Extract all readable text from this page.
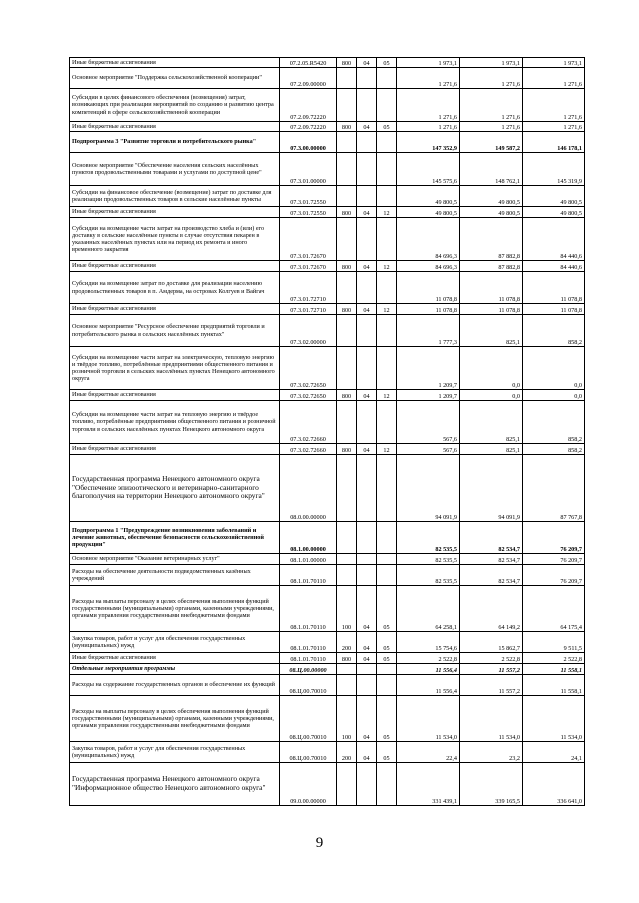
Иные бюджетные ассигнования	07.2.05.R5420	800	04	05	1 973,1	1 973,1	1 973,1
Основное мероприятие "Поддержка сельскохозяйственной кооперации"	07.2.09.00000				1 271,6	1 271,6	1 271,6
Субсидии в целях финансового обеспечения (возмещения) затрат, возникающих при реализации мероприятий по созданию и развитию центра компетенций в сфере сельскохозяйственной кооперации	07.2.09.72220				1 271,6	1 271,6	1 271,6
Иные бюджетные ассигнования	07.2.09.72220	800	04	05	1 271,6	1 271,6	1 271,6
Подпрограмма 3 "Развитие торговли и потребительского рынка"	07.3.00.00000				147 352,9	149 587,2	146 178,1
Основное мероприятие "Обеспечение населения сельских населённых пунктов продовольственными товарами и услугами по доступной цене"	07.3.01.00000				145 575,6	148 762,1	145 319,9
Субсидии на финансовое обеспечение (возмещение) затрат по доставке для реализации продовольственных товаров в сельские населённые пункты	07.3.01.72550				49 800,5	49 800,5	49 800,5
Иные бюджетные ассигнования	07.3.01.72550	800	04	12	49 800,5	49 800,5	49 800,5
Субсидии на возмещение части затрат на производство хлеба и (или) его доставку в сельские населённые пункты в случае отсутствия пекарен в указанных населённых пунктах или на период их ремонта и иного временного закрытия	07.3.01.72670				84 696,3	87 882,8	84 440,6
Иные бюджетные ассигнования	07.3.01.72670	800	04	12	84 696,3	87 882,8	84 440,6
Субсидии на возмещение затрат по доставке для реализации населению продовольственных товаров в п. Амдерма, на островах Колгуев и Вайгач	07.3.01.72710				11 078,8	11 078,8	11 078,8
Иные бюджетные ассигнования	07.3.01.72710	800	04	12	11 078,8	11 078,8	11 078,8
Основное мероприятие "Ресурсное обеспечение предприятий торговли и потребительского рынка в сельских населённых пунктах"	07.3.02.00000				1 777,3	825,1	858,2
Субсидии на возмещение части затрат на электрическую, тепловую энергию и твёрдое топливо, потреблённые предприятиями общественного питания и розничной торговли в сельских населённых пунктах Ненецкого автономного округа	07.3.02.72650				1 209,7	0,0	0,0
Иные бюджетные ассигнования	07.3.02.72650	800	04	12	1 209,7	0,0	0,0
Субсидии на возмещение части затрат на тепловую энергию и твёрдое топливо, потреблённые предприятиями общественного питания и розничной торговли в сельских населённых пунктах Ненецкого автономного округа	07.3.02.72660				567,6	825,1	858,2
Иные бюджетные ассигнования	07.3.02.72660	800	04	12	567,6	825,1	858,2
Государственная программа Ненецкого автономного округа "Обеспечение эпизоотического и ветеринарно-санитарного благополучия на территории Ненецкого автономного округа"	08.0.00.00000				94 091,9	94 091,9	87 767,8
Подпрограмма 1 "Предупреждение возникновения заболеваний и лечение животных, обеспечение безопасности сельскохозяйственной продукции"	08.1.00.00000				82 535,5	82 534,7	76 209,7
Основное мероприятие "Оказание ветеринарных услуг"	08.1.01.00000				82 535,5	82 534,7	76 209,7
Расходы на обеспечение деятельности подведомственных казённых учреждений	08.1.01.70110				82 535,5	82 534,7	76 209,7
Расходы на выплаты персоналу в целях обеспечения выполнения функций государственными (муниципальными) органами, казенными учреждениями, органами управления государственными внебюджетными фондами	08.1.01.70110	100	04	05	64 258,1	64 149,2	64 175,4
Закупка товаров, работ и услуг для обеспечения государственных (муниципальных) нужд	08.1.01.70110	200	04	05	15 754,6	15 862,7	9 511,5
Иные бюджетные ассигнования	08.1.01.70110	800	04	05	2 522,8	2 522,8	2 522,8
Отдельные мероприятия программы	08.Ц.00.00000				11 556,4	11 557,2	11 558,1
Расходы на содержание государственных органов и обеспечение их функций	08.Ц.00.70010				11 556,4	11 557,2	11 558,1
Расходы на выплаты персоналу в целях обеспечения выполнения функций государственными (муниципальными) органами, казенными учреждениями, органами управления государственными внебюджетными фондами	08.Ц.00.70010	100	04	05	11 534,0	11 534,0	11 534,0
Закупка товаров, работ и услуг для обеспечения государственных (муниципальных) нужд	08.Ц.00.70010	200	04	05	22,4	23,2	24,1
Государственная программа Ненецкого автономного округа "Информационное общество Ненецкого автономного округа"	09.0.00.00000				331 439,1	339 165,5	336 641,0
9
